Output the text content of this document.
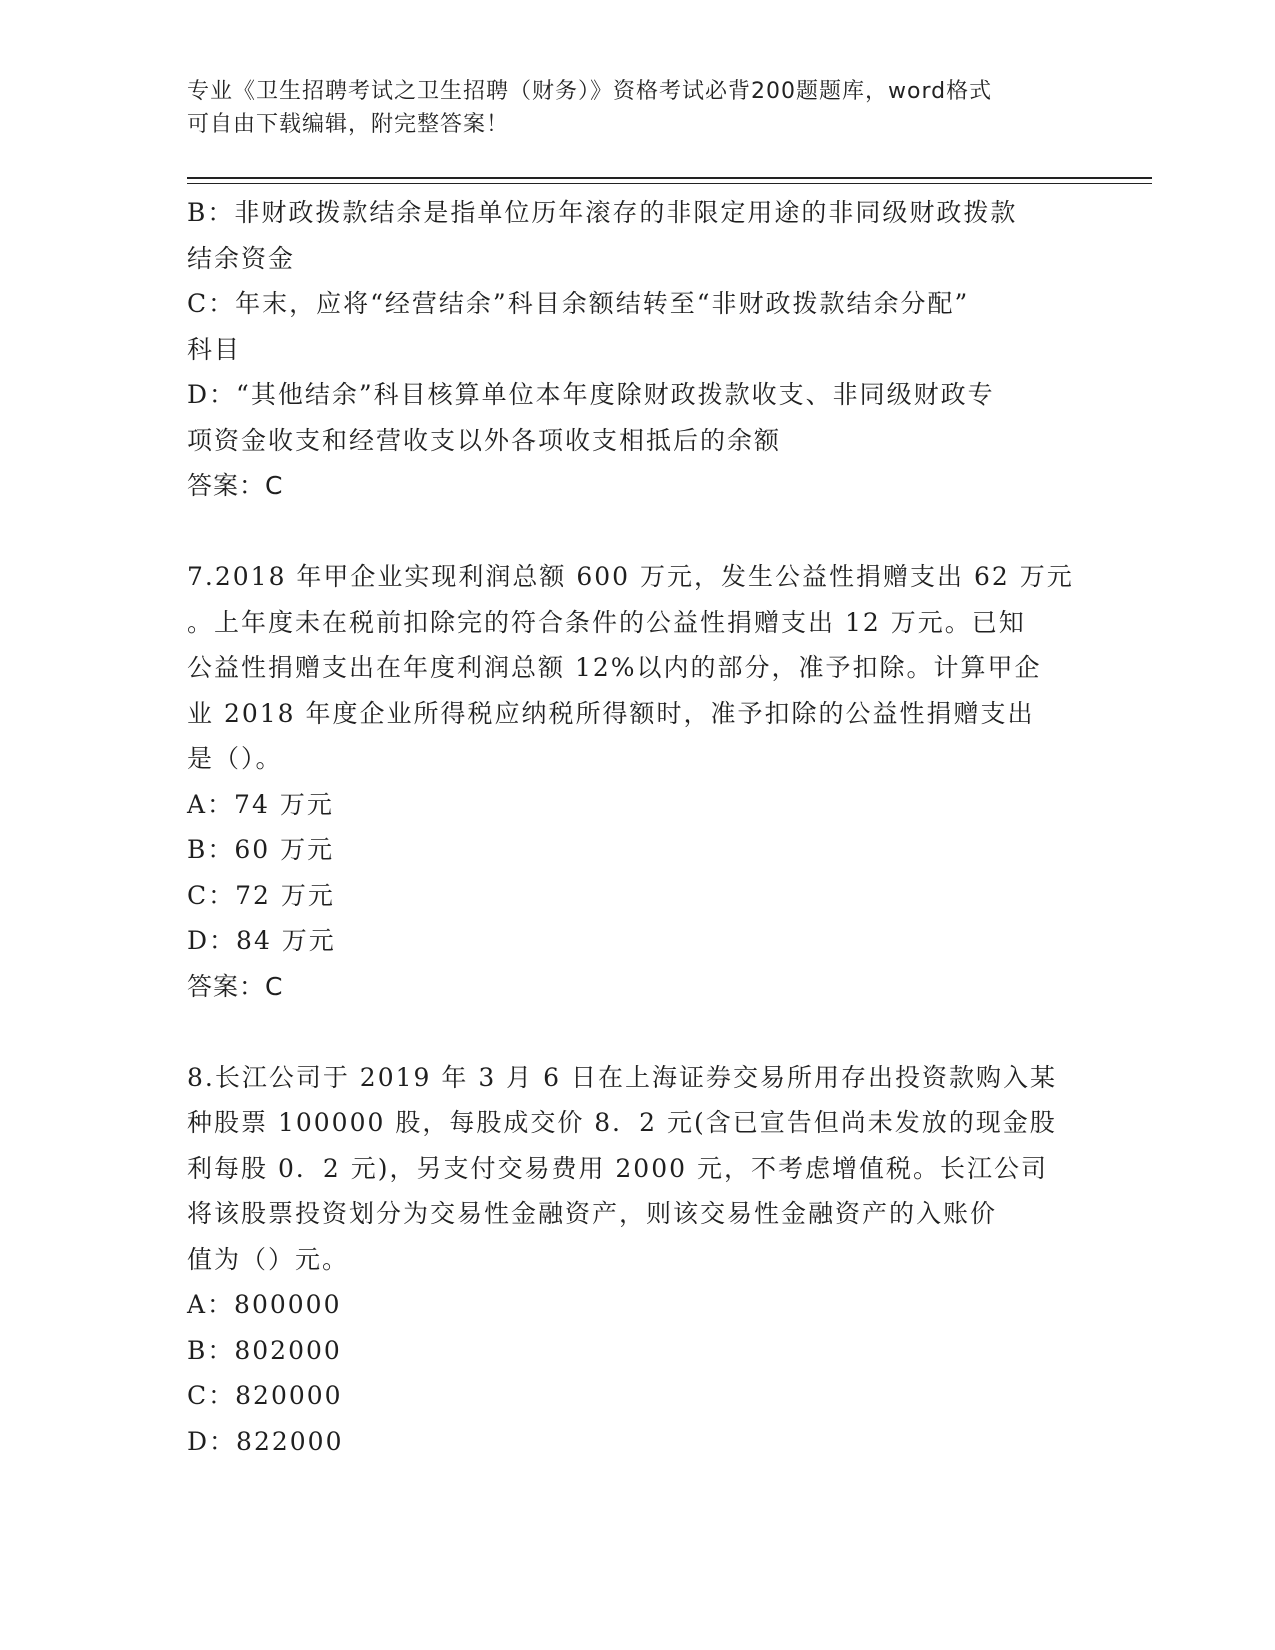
专业《卫生招聘考试之卫生招聘（财务）》资格考试必背200题题库，word格式
可自由下载编辑，附完整答案！
B：非财政拨款结余是指单位历年滚存的非限定用途的非同级财政拨款
结余资金
C：年末，应将“经营结余”科目余额结转至“非财政拨款结余分配”
科目
D：“其他结余”科目核算单位本年度除财政拨款收支、非同级财政专
项资金收支和经营收支以外各项收支相抵后的余额
答案：C
7.2018 年甲企业实现利润总额 600 万元，发生公益性捐赠支出 62 万元
。上年度未在税前扣除完的符合条件的公益性捐赠支出 12 万元。已知
公益性捐赠支出在年度利润总额 12%以内的部分，准予扣除。计算甲企
业 2018 年度企业所得税应纳税所得额时，准予扣除的公益性捐赠支出
是（）。
A：74 万元
B：60 万元
C：72 万元
D：84 万元
答案：C
8.长江公司于 2019 年 3 月 6 日在上海证券交易所用存出投资款购入某
种股票 100000 股，每股成交价 8．2 元(含已宣告但尚未发放的现金股
利每股 0．2 元)，另支付交易费用 2000 元，不考虑增值税。长江公司
将该股票投资划分为交易性金融资产，则该交易性金融资产的入账价
值为（）元。
A：800000
B：802000
C：820000
D：822000
